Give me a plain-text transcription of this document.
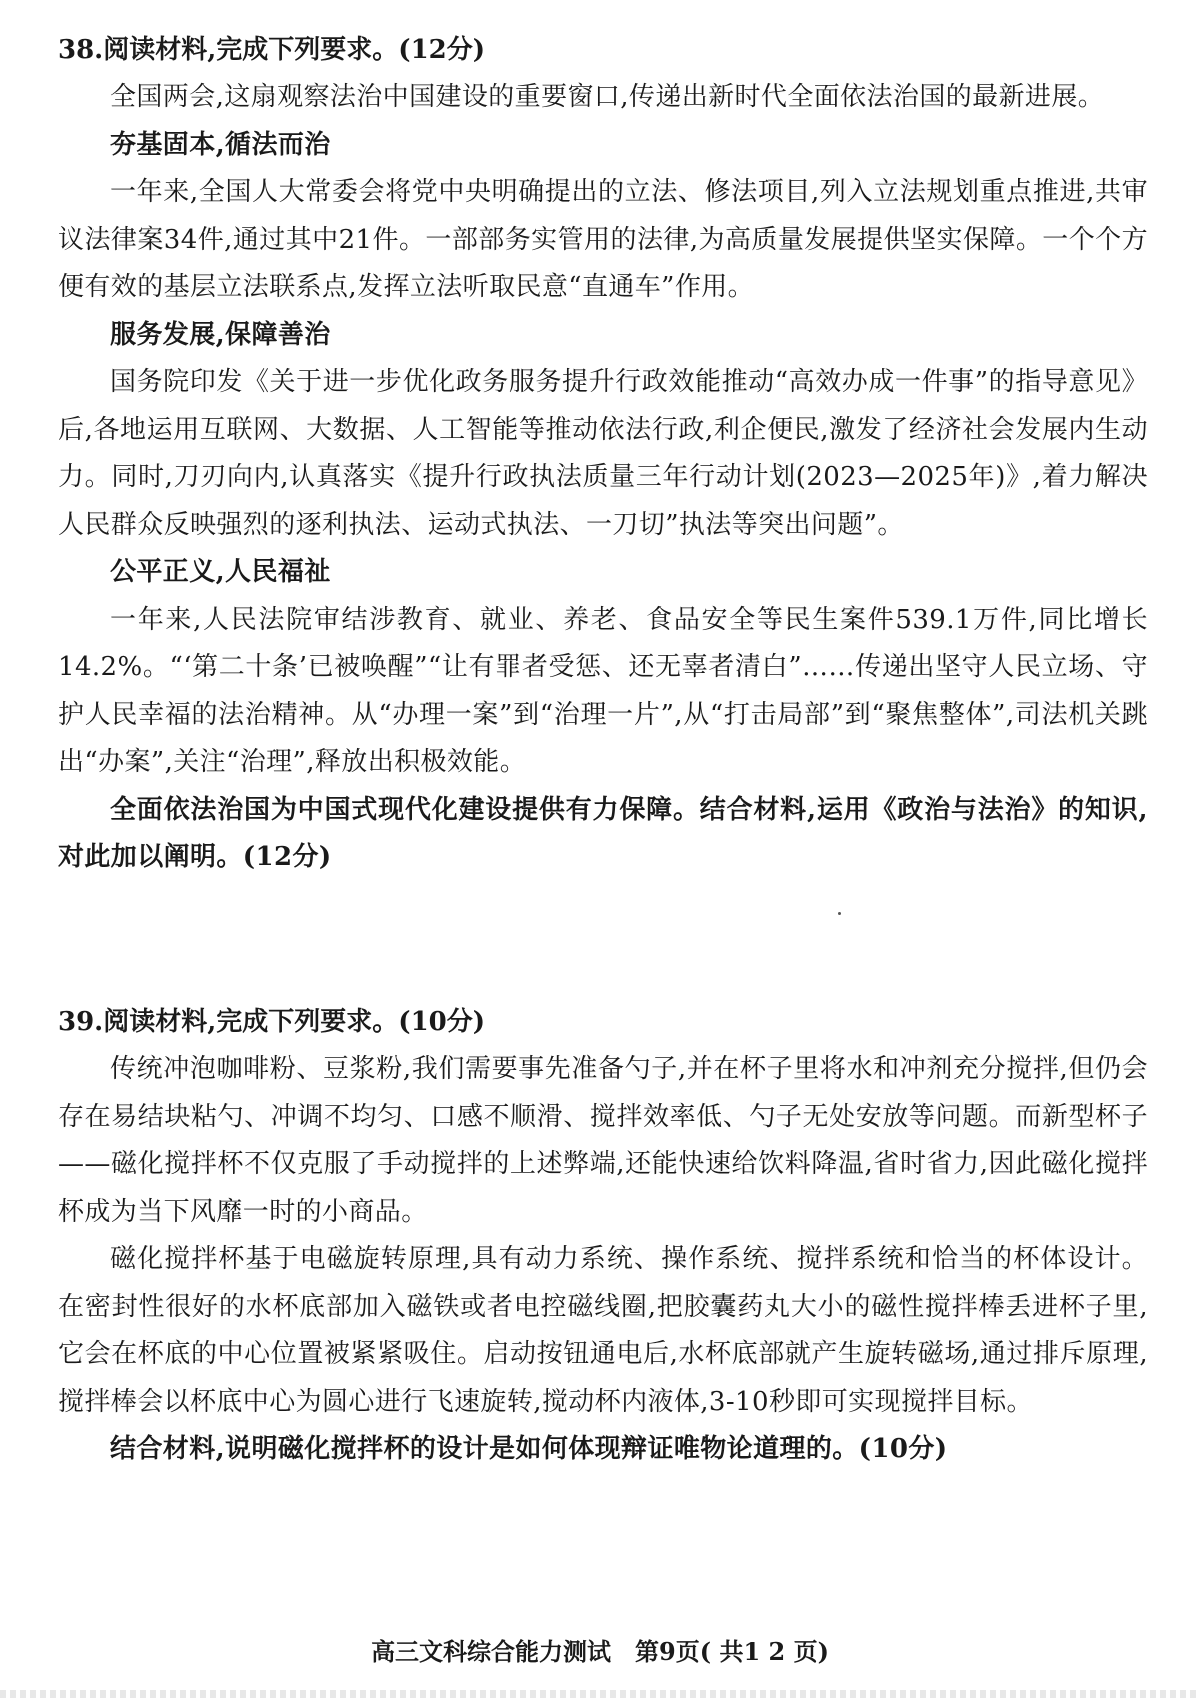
38.阅读材料,完成下列要求。(12分)

全国两会,这扇观察法治中国建设的重要窗口,传递出新时代全面依法治国的最新进展。

夯基固本,循法而治

一年来,全国人大常委会将党中央明确提出的立法、修法项目,列入立法规划重点推进,共审议法律案34件,通过其中21件。一部部务实管用的法律,为高质量发展提供坚实保障。一个个方便有效的基层立法联系点,发挥立法听取民意“直通车”作用。

服务发展,保障善治

国务院印发《关于进一步优化政务服务提升行政效能推动“高效办成一件事”的指导意见》后,各地运用互联网、大数据、人工智能等推动依法行政,利企便民,激发了经济社会发展内生动力。同时,刀刃向内,认真落实《提升行政执法质量三年行动计划(2023—2025年)》,着力解决人民群众反映强烈的逐利执法、运动式执法、一刀切”执法等突出问题”。

公平正义,人民福祉

一年来,人民法院审结涉教育、就业、养老、食品安全等民生案件539.1万件,同比增长14.2%。“‘第二十条’已被唤醒”“让有罪者受惩、还无辜者清白”……传递出坚守人民立场、守护人民幸福的法治精神。从“办理一案”到“治理一片”,从“打击局部”到“聚焦整体”,司法机关跳出“办案”,关注“治理”,释放出积极效能。

全面依法治国为中国式现代化建设提供有力保障。结合材料,运用《政治与法治》的知识,对此加以阐明。(12分)

39.阅读材料,完成下列要求。(10分)

传统冲泡咖啡粉、豆浆粉,我们需要事先准备勺子,并在杯子里将水和冲剂充分搅拌,但仍会存在易结块粘勺、冲调不均匀、口感不顺滑、搅拌效率低、勺子无处安放等问题。而新型杯子——磁化搅拌杯不仅克服了手动搅拌的上述弊端,还能快速给饮料降温,省时省力,因此磁化搅拌杯成为当下风靡一时的小商品。

磁化搅拌杯基于电磁旋转原理,具有动力系统、操作系统、搅拌系统和恰当的杯体设计。在密封性很好的水杯底部加入磁铁或者电控磁线圈,把胶囊药丸大小的磁性搅拌棒丢进杯子里,它会在杯底的中心位置被紧紧吸住。启动按钮通电后,水杯底部就产生旋转磁场,通过排斥原理,搅拌棒会以杯底中心为圆心进行飞速旋转,搅动杯内液体,3-10秒即可实现搅拌目标。

结合材料,说明磁化搅拌杯的设计是如何体现辩证唯物论道理的。(10分)

高三文科综合能力测试　第9页( 共1 2 页)
